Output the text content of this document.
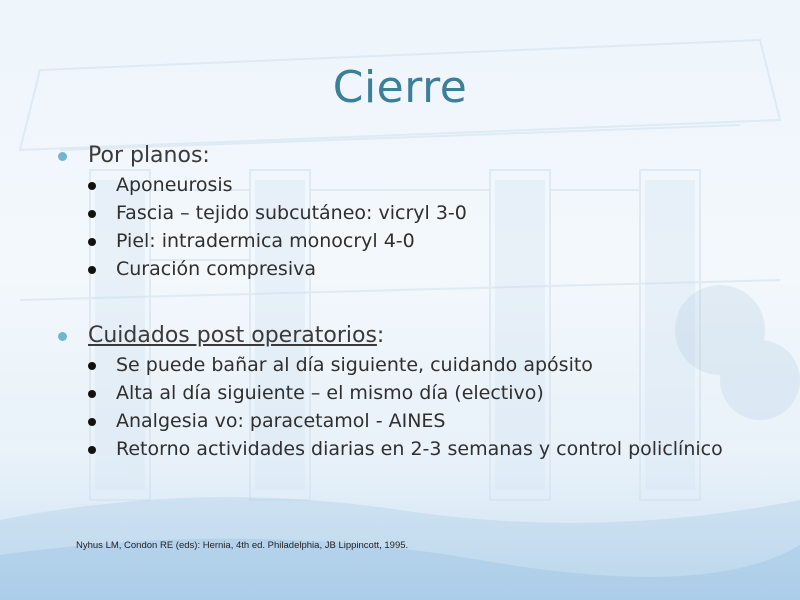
Cierre
Por planos:
Aponeurosis
Fascia – tejido subcutáneo: vicryl 3-0
Piel: intradermica monocryl 4-0
Curación compresiva
Cuidados post operatorios:
Se puede bañar al día siguiente, cuidando apósito
Alta al día siguiente – el mismo día (electivo)
Analgesia vo: paracetamol - AINES
Retorno actividades diarias en 2-3 semanas y control policlínico
Nyhus LM, Condon RE (eds): Hernia, 4th ed. Philadelphia, JB Lippincott, 1995.
